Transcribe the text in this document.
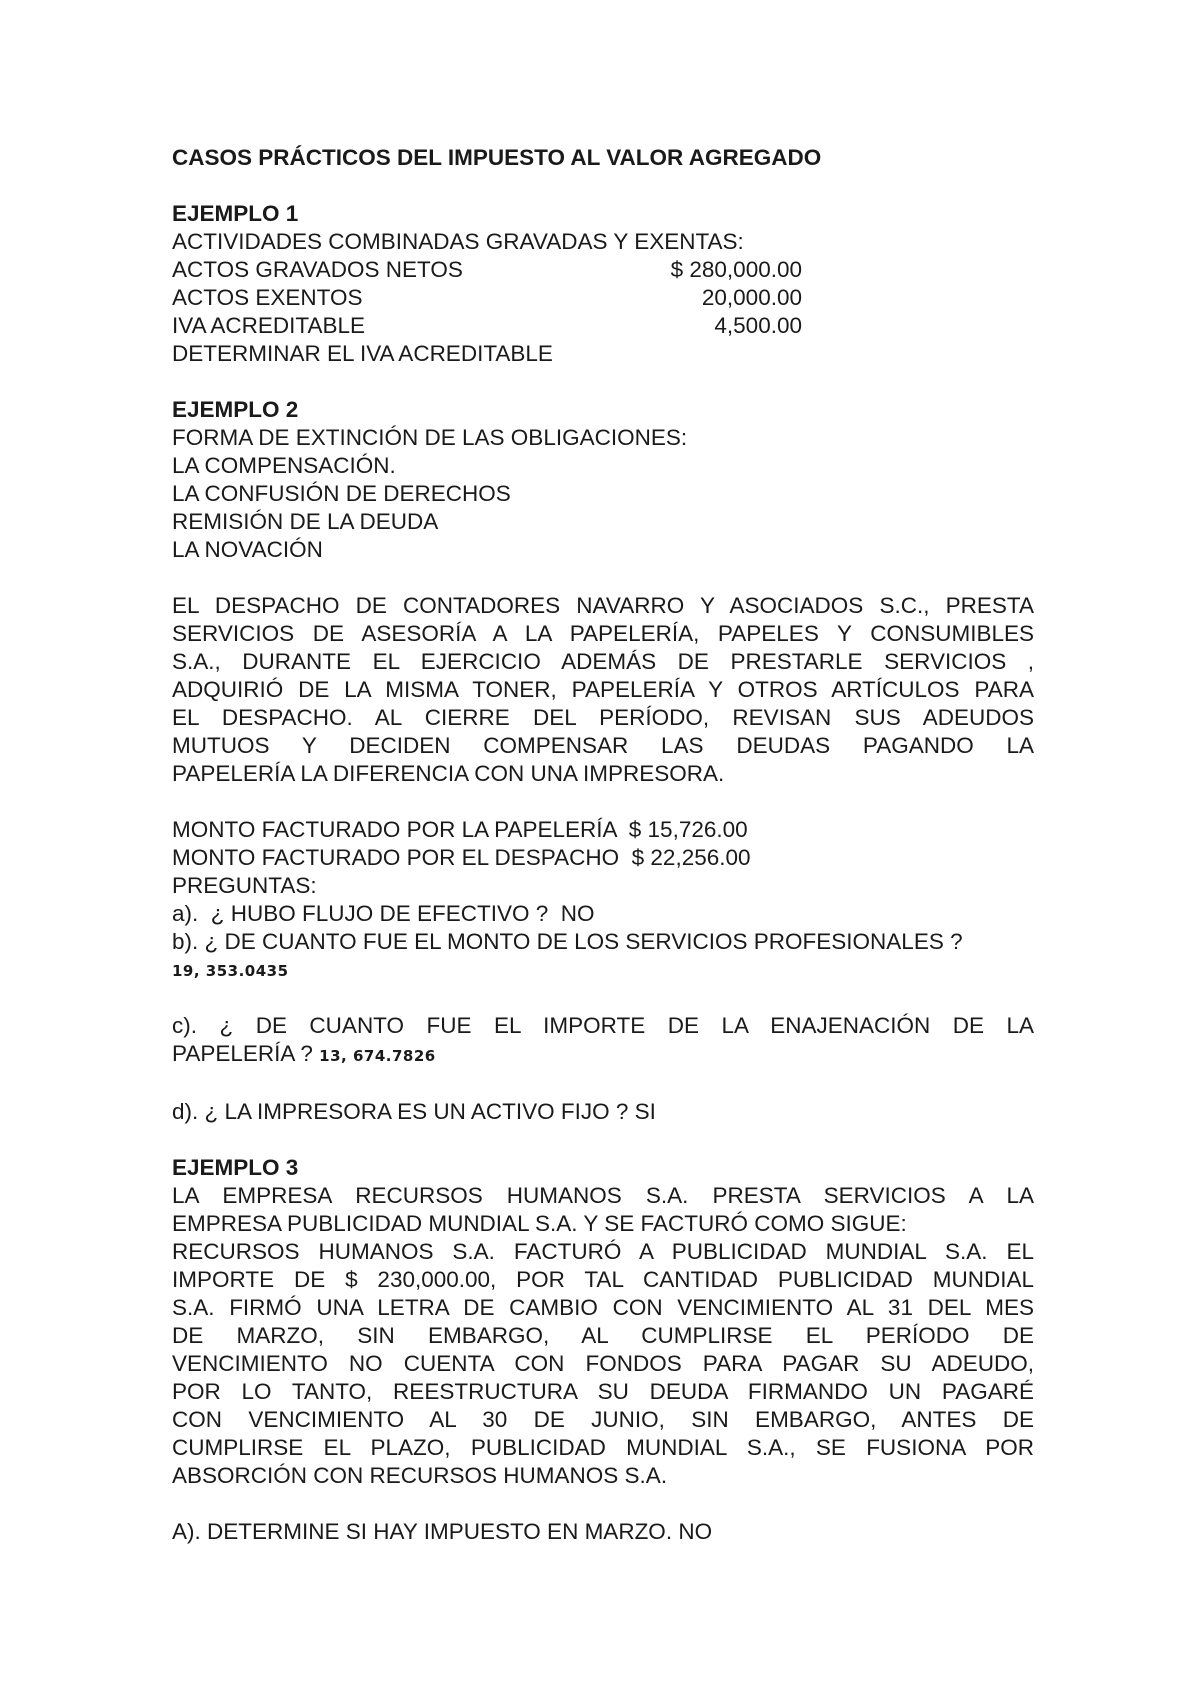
CASOS PRÁCTICOS DEL IMPUESTO AL VALOR AGREGADO
EJEMPLO 1
ACTIVIDADES COMBINADAS GRAVADAS Y EXENTAS:
ACTOS GRAVADOS NETOS	$ 280,000.00
ACTOS EXENTOS	20,000.00
IVA ACREDITABLE	4,500.00
DETERMINAR EL IVA ACREDITABLE
EJEMPLO 2
FORMA DE EXTINCIÓN DE LAS OBLIGACIONES:
LA COMPENSACIÓN.
LA CONFUSIÓN DE DERECHOS
REMISIÓN DE LA DEUDA
LA NOVACIÓN
EL DESPACHO DE CONTADORES NAVARRO Y ASOCIADOS S.C., PRESTA
SERVICIOS DE ASESORÍA A LA PAPELERÍA, PAPELES Y CONSUMIBLES
S.A., DURANTE EL EJERCICIO ADEMÁS DE PRESTARLE SERVICIOS ,
ADQUIRIÓ DE LA MISMA TONER, PAPELERÍA Y OTROS ARTÍCULOS PARA
EL DESPACHO. AL CIERRE DEL PERÍODO, REVISAN SUS ADEUDOS
MUTUOS Y DECIDEN COMPENSAR LAS DEUDAS PAGANDO LA
PAPELERÍA LA DIFERENCIA CON UNA IMPRESORA.
MONTO FACTURADO POR LA PAPELERÍA  $ 15,726.00
MONTO FACTURADO POR EL DESPACHO  $ 22,256.00
PREGUNTAS:
a).  ¿ HUBO FLUJO DE EFECTIVO ?  NO
b). ¿ DE CUANTO FUE EL MONTO DE LOS SERVICIOS PROFESIONALES ?
19, 353.0435
c). ¿ DE CUANTO FUE EL IMPORTE DE LA ENAJENACIÓN DE LA
PAPELERÍA ? 13, 674.7826
d). ¿ LA IMPRESORA ES UN ACTIVO FIJO ? SI
EJEMPLO 3
LA EMPRESA RECURSOS HUMANOS S.A. PRESTA SERVICIOS A LA
EMPRESA PUBLICIDAD MUNDIAL S.A. Y SE FACTURÓ COMO SIGUE:
RECURSOS HUMANOS S.A. FACTURÓ A PUBLICIDAD MUNDIAL S.A. EL
IMPORTE DE $ 230,000.00, POR TAL CANTIDAD PUBLICIDAD MUNDIAL
S.A. FIRMÓ UNA LETRA DE CAMBIO CON VENCIMIENTO AL 31 DEL MES
DE MARZO, SIN EMBARGO, AL CUMPLIRSE EL PERÍODO DE
VENCIMIENTO NO CUENTA CON FONDOS PARA PAGAR SU ADEUDO,
POR LO TANTO, REESTRUCTURA SU DEUDA FIRMANDO UN PAGARÉ
CON VENCIMIENTO AL 30 DE JUNIO, SIN EMBARGO, ANTES DE
CUMPLIRSE EL PLAZO, PUBLICIDAD MUNDIAL S.A., SE FUSIONA POR
ABSORCIÓN CON RECURSOS HUMANOS S.A.
A). DETERMINE SI HAY IMPUESTO EN MARZO. NO
